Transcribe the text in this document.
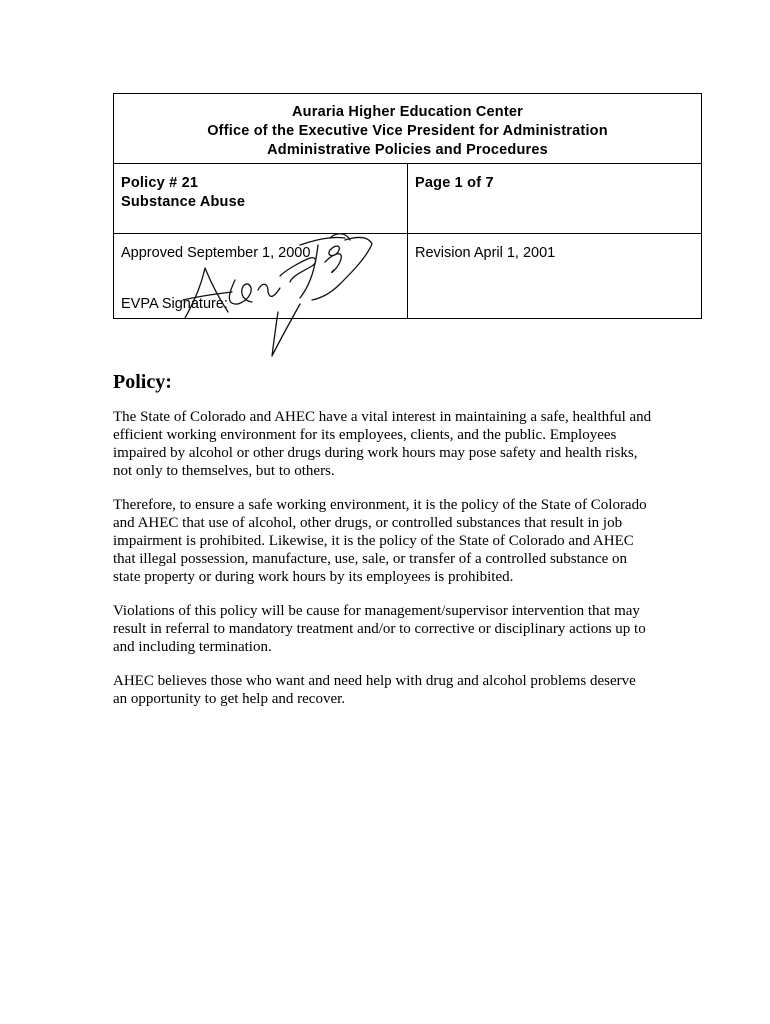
Auraria Higher Education Center
Office of the Executive Vice President for Administration
Administrative Policies and Procedures
Policy # 21
Substance Abuse
Page 1 of 7
Approved September 1, 2000	Revision April 1, 2001
EVPA Signature:
Policy:
The State of Colorado and AHEC have a vital interest in maintaining a safe, healthful and
efficient working environment for its employees, clients, and the public. Employees
impaired by alcohol or other drugs during work hours may pose safety and health risks,
not only to themselves, but to others.
Therefore, to ensure a safe working environment, it is the policy of the State of Colorado
and AHEC that use of alcohol, other drugs, or controlled substances that result in job
impairment is prohibited. Likewise, it is the policy of the State of Colorado and AHEC
that illegal possession, manufacture, use, sale, or transfer of a controlled substance on
state property or during work hours by its employees is prohibited.
Violations of this policy will be cause for management/supervisor intervention that may
result in referral to mandatory treatment and/or to corrective or disciplinary actions up to
and including termination.
AHEC believes those who want and need help with drug and alcohol problems deserve
an opportunity to get help and recover.
